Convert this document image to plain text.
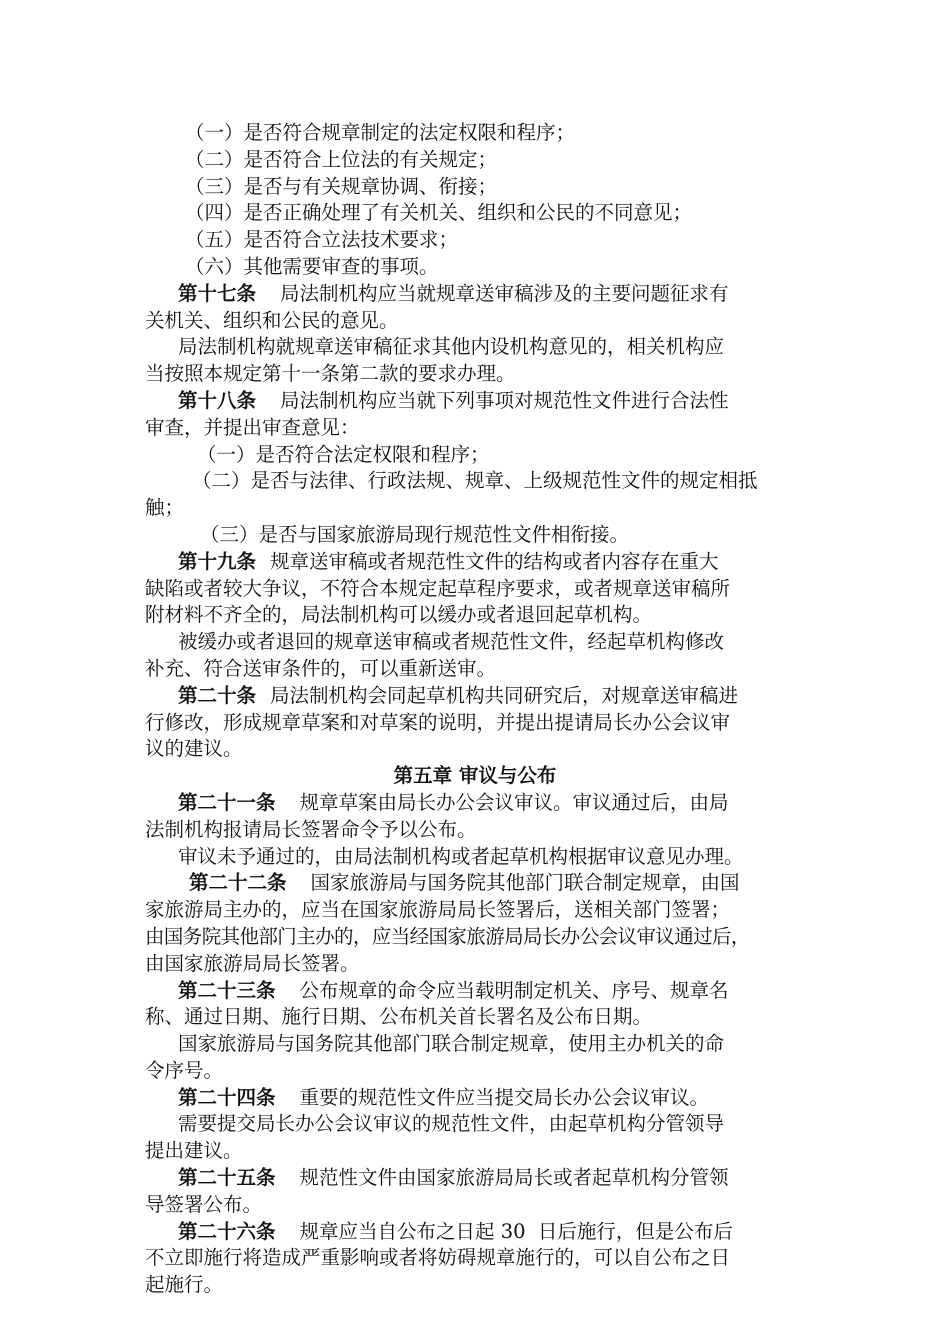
（一）是否符合规章制定的法定权限和程序；
（二）是否符合上位法的有关规定；
（三）是否与有关规章协调、衔接；
（四）是否正确处理了有关机关、组织和公民的不同意见；
（五）是否符合立法技术要求；
（六）其他需要审查的事项。
第十七条 局法制机构应当就规章送审稿涉及的主要问题征求有
关机关、组织和公民的意见。
局法制机构就规章送审稿征求其他内设机构意见的，相关机构应
当按照本规定第十一条第二款的要求办理。
第十八条 局法制机构应当就下列事项对规范性文件进行合法性
审查，并提出审查意见：
（一）是否符合法定权限和程序；
（二）是否与法律、行政法规、规章、上级规范性文件的规定相抵
触；
（三）是否与国家旅游局现行规范性文件相衔接。
第十九条 规章送审稿或者规范性文件的结构或者内容存在重大
缺陷或者较大争议，不符合本规定起草程序要求，或者规章送审稿所
附材料不齐全的，局法制机构可以缓办或者退回起草机构。
被缓办或者退回的规章送审稿或者规范性文件，经起草机构修改
补充、符合送审条件的，可以重新送审。
第二十条 局法制机构会同起草机构共同研究后，对规章送审稿进
行修改，形成规章草案和对草案的说明，并提出提请局长办公会议审
议的建议。
第五章 审议与公布
第二十一条 规章草案由局长办公会议审议。审议通过后，由局
法制机构报请局长签署命令予以公布。
审议未予通过的，由局法制机构或者起草机构根据审议意见办理。
第二十二条 国家旅游局与国务院其他部门联合制定规章，由国
家旅游局主办的，应当在国家旅游局局长签署后，送相关部门签署；
由国务院其他部门主办的，应当经国家旅游局局长办公会议审议通过后，
由国家旅游局局长签署。
第二十三条 公布规章的命令应当载明制定机关、序号、规章名
称、通过日期、施行日期、公布机关首长署名及公布日期。
国家旅游局与国务院其他部门联合制定规章，使用主办机关的命
令序号。
第二十四条 重要的规范性文件应当提交局长办公会议审议。
需要提交局长办公会议审议的规范性文件，由起草机构分管领导
提出建议。
第二十五条 规范性文件由国家旅游局局长或者起草机构分管领
导签署公布。
第二十六条 规章应当自公布之日起 30  日后施行，但是公布后
不立即施行将造成严重影响或者将妨碍规章施行的，可以自公布之日
起施行。
